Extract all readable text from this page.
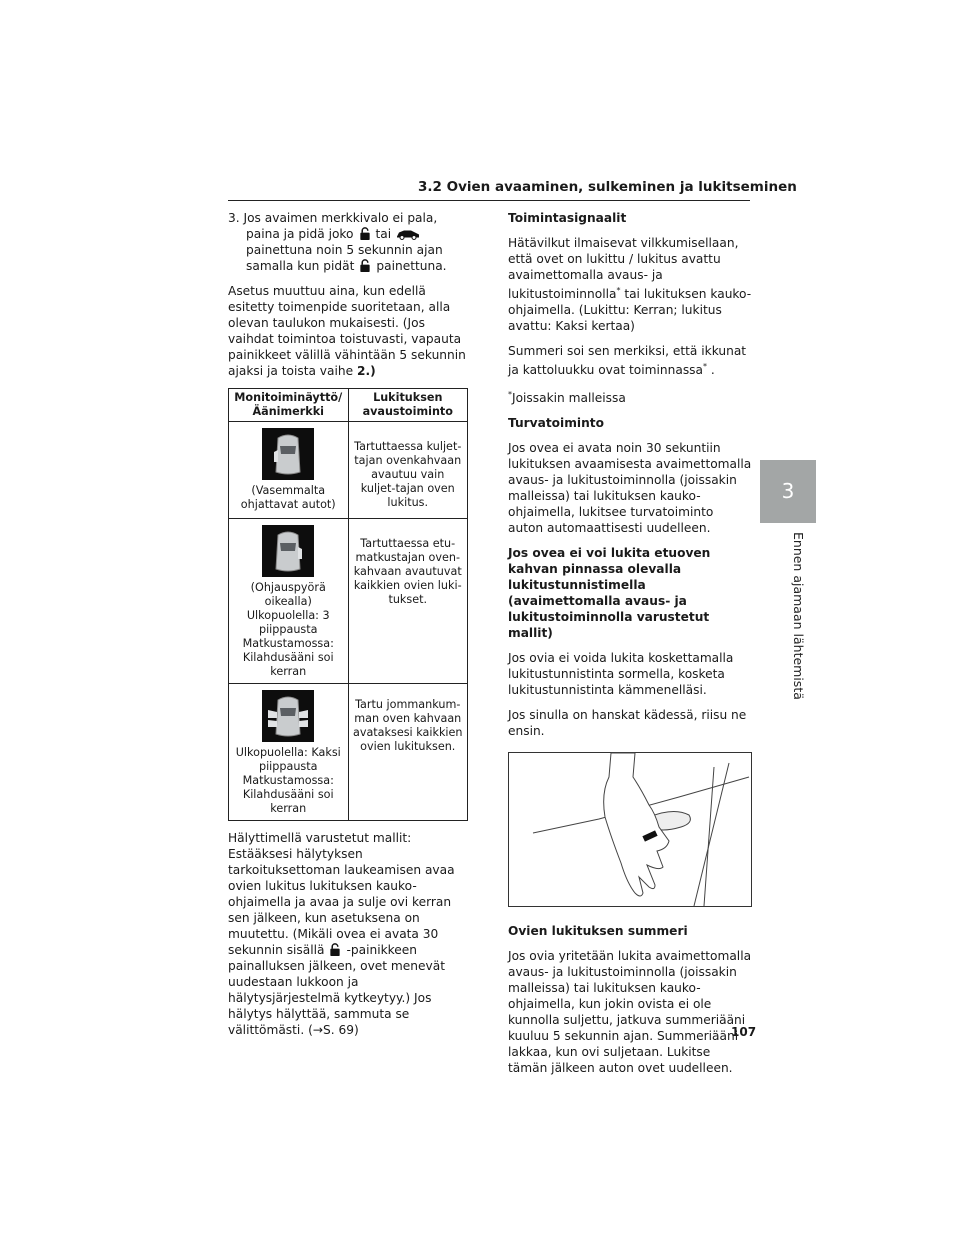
3.2 Ovien avaaminen, sulkeminen ja lukitseminen

3. Jos avaimen merkkivalo ei pala, paina ja pidä joko taipainettuna noin 5 sekunnin ajan samalla kun pidät painettuna.

Asetus muuttuu aina, kun edellä esitetty toimenpide suoritetaan, alla olevan taulukon mukaisesti. (Jos vaihdat toimintoa toistuvasti, vapauta painikkeet välillä vähintään 5 sekunnin ajaksi ja toista vaihe 2.)

Monitoiminäyttö/ Äänimerkki	Lukituksen avaustoiminto

(Vasemmalta ohjattavat autot)	Tartuttaessa kuljet-tajan ovenkahvaan avautuu vain kuljet-tajan oven lukitus.

(Ohjauspyörä oikealla) Ulkopuolella: 3 piippausta Matkustamossa: Kilahdusääni soi kerran	Tartuttaessa etu-matkustajan oven-kahvaan avautuvat kaikkien ovien luki-tukset.

Ulkopuolella: Kaksi piippausta Matkustamossa: Kilahdusääni soi kerran	Tartu jommankum-man oven kahvaan avataksesi kaikkien ovien lukituksen.

Hälyttimellä varustetut mallit: Estääksesi hälytyksen tarkoituksettoman laukeamisen avaa ovien lukitus lukituksen kauko-ohjaimella ja avaa ja sulje ovi kerran sen jälkeen, kun asetuksena on muutettu. (Mikäli ovea ei avata 30 sekunnin sisällä -painikkeen painalluksen jälkeen, ovet menevät uudestaan lukkoon ja hälytysjärjestelmä kytkeytyy.) Jos hälytys hälyttää, sammuta se välittömästi. (→S. 69)

Toimintasignaalit

Hätävilkut ilmaisevat vilkkumisellaan, että ovet on lukittu / lukitus avattu avaimettomalla avaus- ja lukitustoiminnolla* tai lukituksen kauko-ohjaimella. (Lukittu: Kerran; lukitus avattu: Kaksi kertaa)

Summeri soi sen merkiksi, että ikkunat ja kattoluukku ovat toiminnassa* .

*Joissakin malleissa

Turvatoiminto

Jos ovea ei avata noin 30 sekuntiin lukituksen avaamisesta avaimettomalla avaus- ja lukitustoiminnolla (joissakin malleissa) tai lukituksen kauko-ohjaimella, lukitsee turvatoiminto auton automaattisesti uudelleen.

Jos ovea ei voi lukita etuoven kahvan pinnassa olevalla lukitustunnistimella (avaimettomalla avaus- ja lukitustoiminnolla varustetut mallit)

Jos ovia ei voida lukita koskettamalla lukitustunnistinta sormella, kosketa lukitustunnistinta kämmenelläsi.

Jos sinulla on hanskat kädessä, riisu ne ensin.

Ovien lukituksen summeri

Jos ovia yritetään lukita avaimettomalla avaus- ja lukitustoiminnolla (joissakin malleissa) tai lukituksen kauko-ohjaimella, kun jokin ovista ei ole kunnolla suljettu, jatkuva summeriääni kuuluu 5 sekunnin ajan. Summeriääni lakkaa, kun ovi suljetaan. Lukitse tämän jälkeen auton ovet uudelleen.

3
Ennen ajamaan lähtemistä
107
